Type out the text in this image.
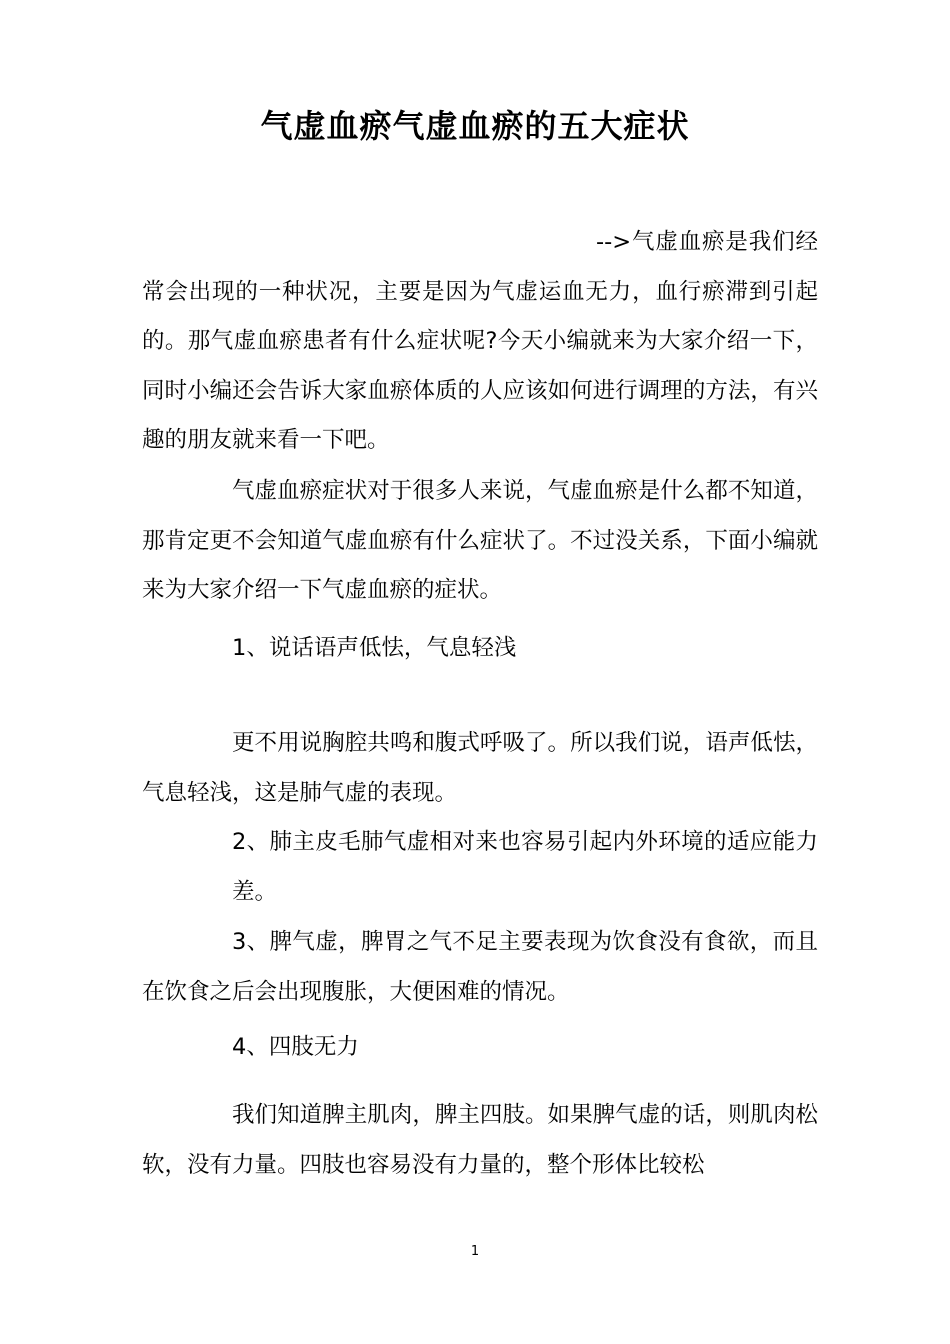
气虚血瘀气虚血瘀的五大症状

-->气虚血瘀是我们经常会出现的一种状况，主要是因为气虚运血无力，血行瘀滞到引起的。那气虚血瘀患者有什么症状呢?今天小编就来为大家介绍一下，同时小编还会告诉大家血瘀体质的人应该如何进行调理的方法，有兴趣的朋友就来看一下吧。

气虚血瘀症状对于很多人来说，气虚血瘀是什么都不知道，那肯定更不会知道气虚血瘀有什么症状了。不过没关系，下面小编就来为大家介绍一下气虚血瘀的症状。

1、说话语声低怯，气息轻浅

更不用说胸腔共鸣和腹式呼吸了。所以我们说，语声低怯，气息轻浅，这是肺气虚的表现。

2、肺主皮毛肺气虚相对来也容易引起内外环境的适应能力差。

3、脾气虚，脾胃之气不足主要表现为饮食没有食欲，而且在饮食之后会出现腹胀，大便困难的情况。

4、四肢无力

我们知道脾主肌肉，脾主四肢。如果脾气虚的话，则肌肉松软，没有力量。四肢也容易没有力量的，整个形体比较松

1
